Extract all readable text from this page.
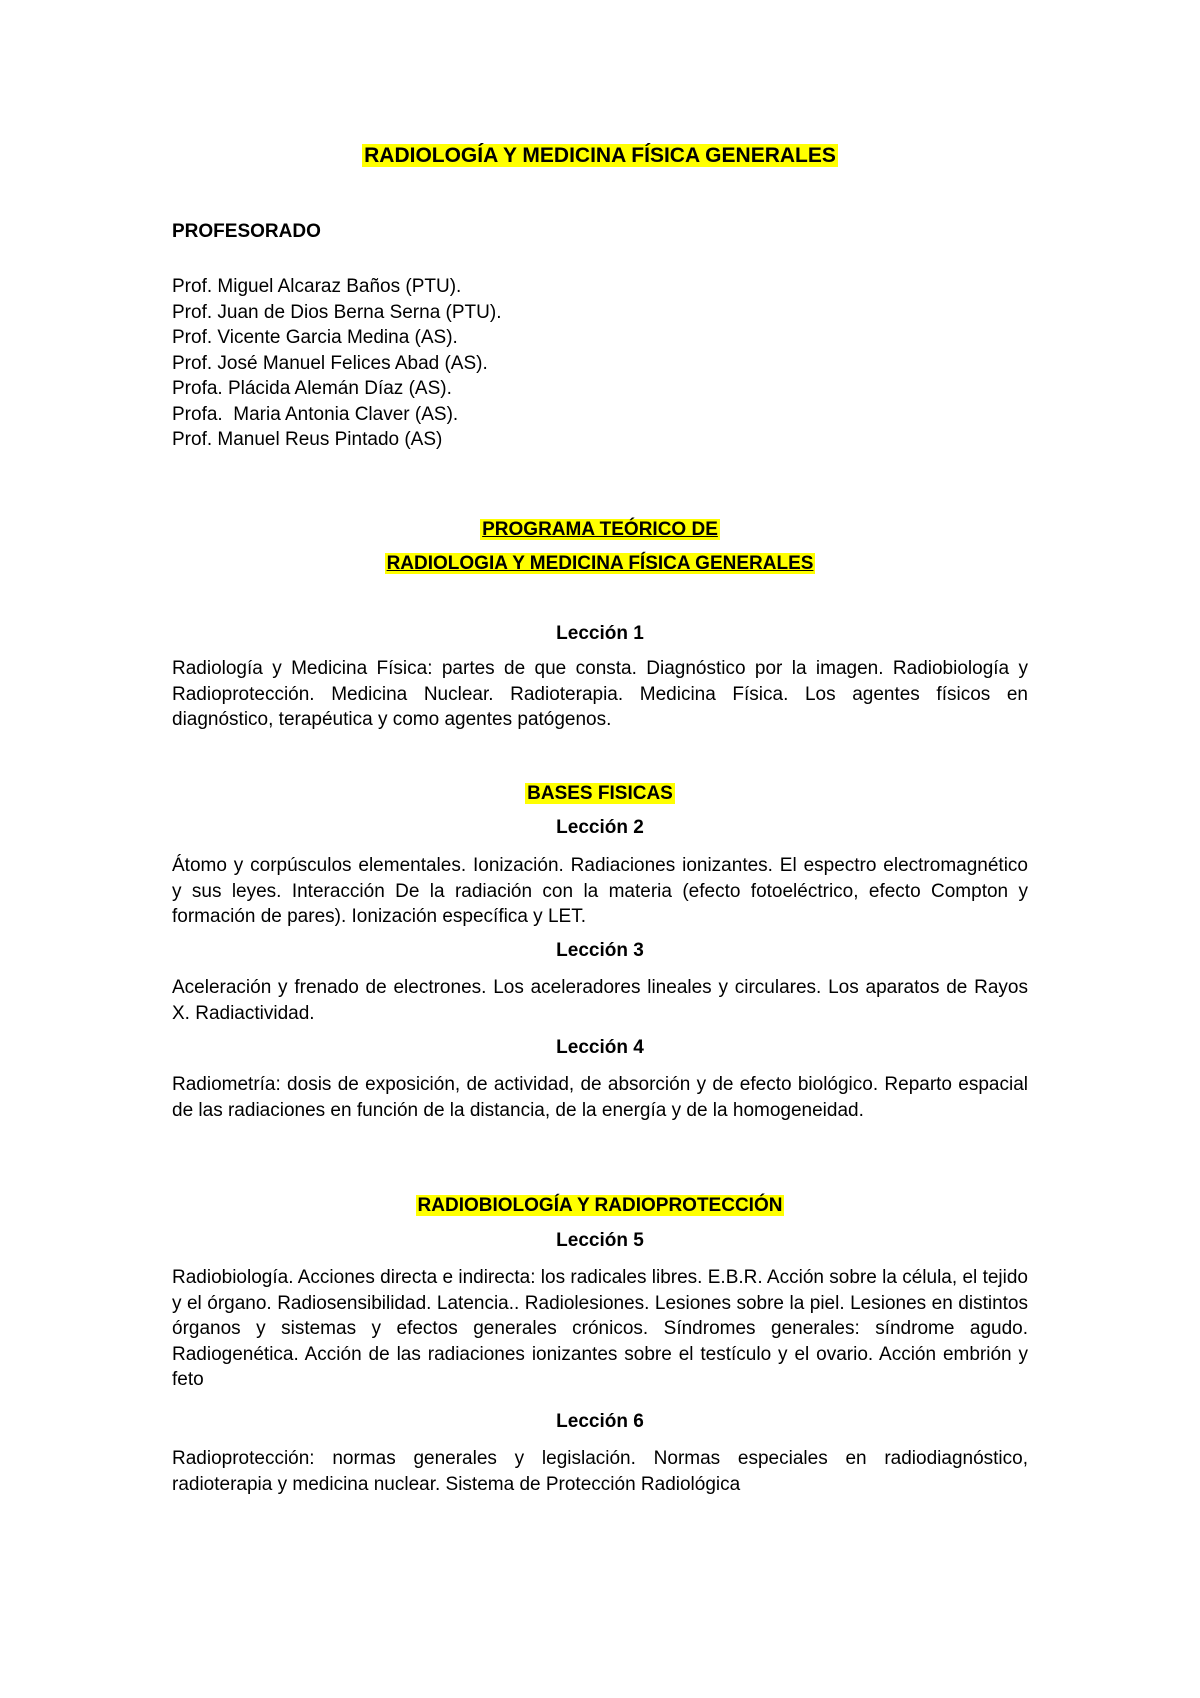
RADIOLOGÍA Y MEDICINA FÍSICA GENERALES
PROFESORADO
Prof. Miguel Alcaraz Baños (PTU).
Prof. Juan de Dios Berna Serna (PTU).
Prof. Vicente Garcia Medina (AS).
Prof. José Manuel Felices Abad (AS).
Profa. Plácida Alemán Díaz (AS).
Profa.  Maria Antonia Claver (AS).
Prof. Manuel Reus Pintado (AS)
PROGRAMA TEÓRICO DE
RADIOLOGIA Y MEDICINA FÍSICA GENERALES
Lección 1

Radiología y Medicina Física: partes de que consta. Diagnóstico por la imagen. Radiobiología y Radioprotección. Medicina Nuclear. Radioterapia. Medicina Física. Los agentes físicos en diagnóstico, terapéutica y como agentes patógenos.

BASES FISICAS
Lección 2

Átomo y corpúsculos elementales. Ionización. Radiaciones ionizantes. El espectro electromagnético y sus leyes. Interacción De la radiación con la materia (efecto fotoeléctrico, efecto Compton y formación de pares). Ionización específica y LET.

Lección 3

Aceleración y frenado de electrones. Los aceleradores lineales y circulares. Los aparatos de Rayos X. Radiactividad.

Lección 4

Radiometría: dosis de exposición, de actividad, de absorción y de efecto biológico. Reparto espacial de las radiaciones en función de la distancia, de la energía y de la homogeneidad.

RADIOBIOLOGÍA Y RADIOPROTECCIÓN
Lección 5

Radiobiología. Acciones directa e indirecta: los radicales libres. E.B.R. Acción sobre la célula, el tejido y el órgano. Radiosensibilidad. Latencia.. Radiolesiones. Lesiones sobre la piel. Lesiones en distintos órganos y sistemas y efectos generales crónicos. Síndromes generales: síndrome agudo. Radiogenética. Acción de las radiaciones ionizantes sobre el testículo y el ovario. Acción embrión y feto

Lección 6

Radioprotección: normas generales y legislación. Normas especiales en radiodiagnóstico, radioterapia y medicina nuclear. Sistema de Protección Radiológica
